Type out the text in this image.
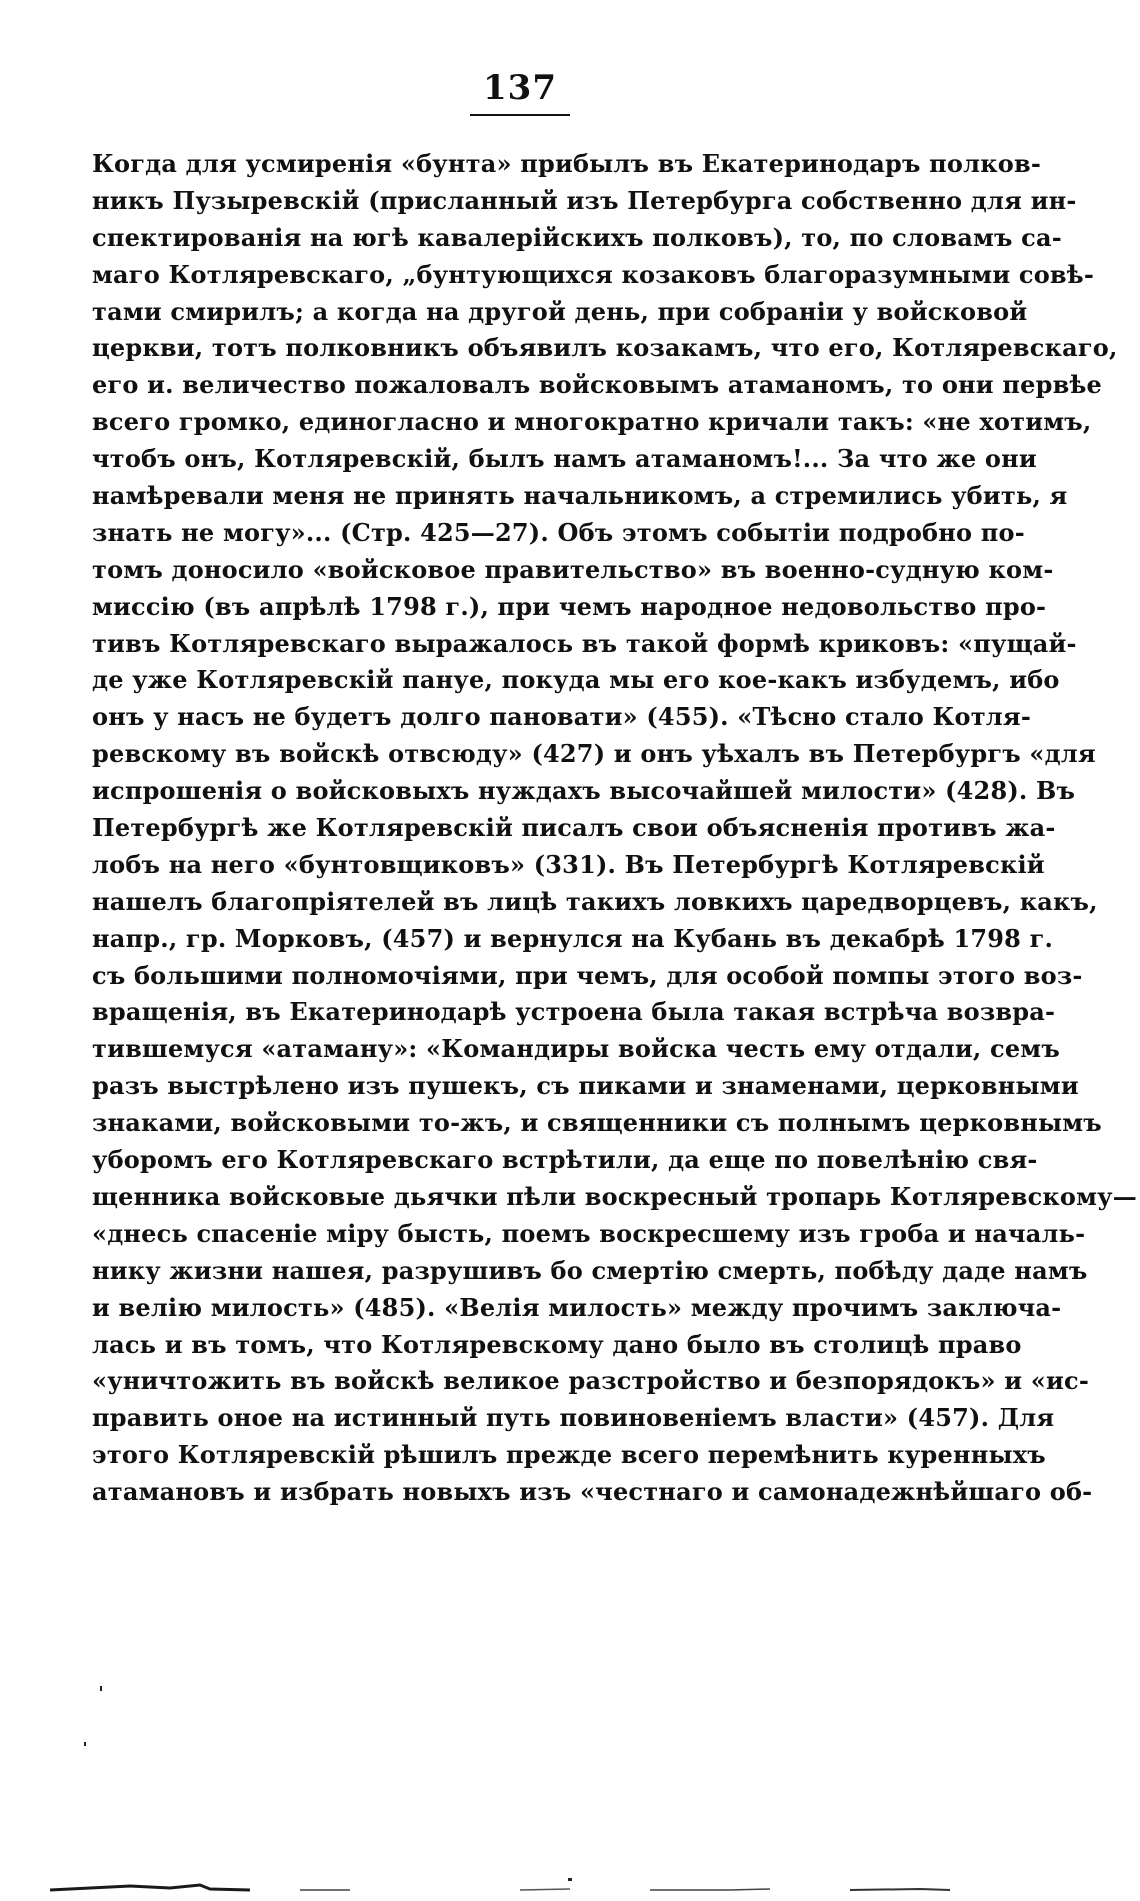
137
Когда для усмиренія «бунта» прибылъ въ Екатеринодаръ полков-
никъ Пузыревскій (присланный изъ Петербурга собственно для ин-
спектированія на югѣ кавалерійскихъ полковъ), то, по словамъ са-
маго Котляревскаго, „бунтующихся козаковъ благоразумными совѣ-
тами смирилъ; а когда на другой день, при собраніи у войсковой
церкви, тотъ полковникъ объявилъ козакамъ, что его, Котляревскаго,
его и. величество пожаловалъ войсковымъ атаманомъ, то они первѣе
всего громко, единогласно и многократно кричали такъ: «не хотимъ,
чтобъ онъ, Котляревскій, былъ намъ атаманомъ!... За что же они
намѣревали меня не принять начальникомъ, а стремились убить, я
знать не могу»... (Стр. 425—27). Объ этомъ событіи подробно по-
томъ доносило «войсковое правительство» въ военно-судную ком-
миссію (въ апрѣлѣ 1798 г.), при чемъ народное недовольство про-
тивъ Котляревскаго выражалось въ такой формѣ криковъ: «пущай-
де уже Котляревскій пануе, покуда мы его кое-какъ избудемъ, ибо
онъ у насъ не будетъ долго пановати» (455). «Тѣсно стало Котля-
ревскому въ войскѣ отвсюду» (427) и онъ уѣхалъ въ Петербургъ «для
испрошенія о войсковыхъ нуждахъ высочайшей милости» (428). Въ
Петербургѣ же Котляревскій писалъ свои объясненія противъ жа-
лобъ на него «бунтовщиковъ» (331). Въ Петербургѣ Котляревскій
нашелъ благопріятелей въ лицѣ такихъ ловкихъ царедворцевъ, какъ,
напр., гр. Морковъ, (457) и вернулся на Кубань въ декабрѣ 1798 г.
съ большими полномочіями, при чемъ, для особой помпы этого воз-
вращенія, въ Екатеринодарѣ устроена была такая встрѣча возвра-
тившемуся «атаману»: «Командиры войска честь ему отдали, семъ
разъ выстрѣлено изъ пушекъ, съ пиками и знаменами, церковными
знаками, войсковыми то-жъ, и священники съ полнымъ церковнымъ
уборомъ его Котляревскаго встрѣтили, да еще по повелѣнію свя-
щенника войсковые дьячки пѣли воскресный тропарь Котляревскому—
«днесь спасеніе міру бысть, поемъ воскресшему изъ гроба и началь-
нику жизни нашея, разрушивъ бо смертію смерть, побѣду даде намъ
и велію милость» (485). «Велія милость» между прочимъ заключа-
лась и въ томъ, что Котляревскому дано было въ столицѣ право
«уничтожить въ войскѣ великое разстройство и безпорядокъ» и «ис-
править оное на истинный путь повиновеніемъ власти» (457). Для
этого Котляревскій рѣшилъ прежде всего перемѣнить куренныхъ
атамановъ и избрать новыхъ изъ «честнаго и самонадежнѣйшаго об-
